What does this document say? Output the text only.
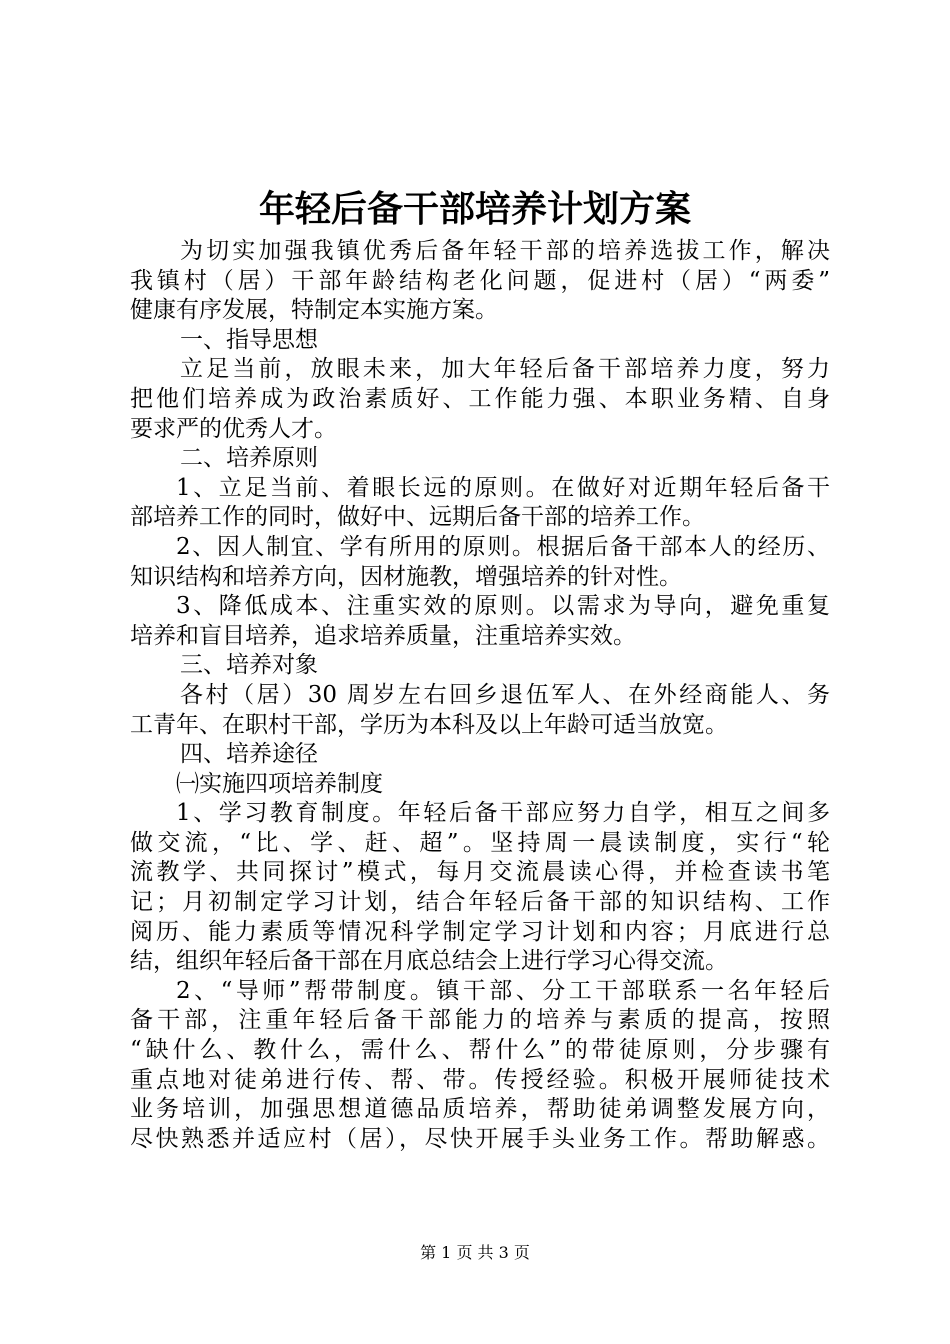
年轻后备干部培养计划方案
为切实加强我镇优秀后备年轻干部的培养选拔工作，解决
我镇村（居）干部年龄结构老化问题，促进村（居）“两委”
健康有序发展，特制定本实施方案。
一、指导思想
立足当前，放眼未来，加大年轻后备干部培养力度，努力
把他们培养成为政治素质好、工作能力强、本职业务精、自身
要求严的优秀人才。
二、培养原则
1、立足当前、着眼长远的原则。在做好对近期年轻后备干
部培养工作的同时，做好中、远期后备干部的培养工作。
2、因人制宜、学有所用的原则。根据后备干部本人的经历、
知识结构和培养方向，因材施教，增强培养的针对性。
3、降低成本、注重实效的原则。以需求为导向，避免重复
培养和盲目培养，追求培养质量，注重培养实效。
三、培养对象
各村（居）30 周岁左右回乡退伍军人、在外经商能人、务
工青年、在职村干部，学历为本科及以上年龄可适当放宽。
四、培养途径
㈠实施四项培养制度
1、学习教育制度。年轻后备干部应努力自学，相互之间多
做交流，“比、学、赶、超”。坚持周一晨读制度，实行“轮
流教学、共同探讨”模式，每月交流晨读心得，并检查读书笔
记；月初制定学习计划，结合年轻后备干部的知识结构、工作
阅历、能力素质等情况科学制定学习计划和内容；月底进行总
结，组织年轻后备干部在月底总结会上进行学习心得交流。
2、“导师”帮带制度。镇干部、分工干部联系一名年轻后
备干部，注重年轻后备干部能力的培养与素质的提高，按照
“缺什么、教什么，需什么、帮什么”的带徒原则，分步骤有
重点地对徒弟进行传、帮、带。传授经验。积极开展师徒技术
业务培训，加强思想道德品质培养，帮助徒弟调整发展方向，
尽快熟悉并适应村（居），尽快开展手头业务工作。帮助解惑。
第 1 页 共 3 页
